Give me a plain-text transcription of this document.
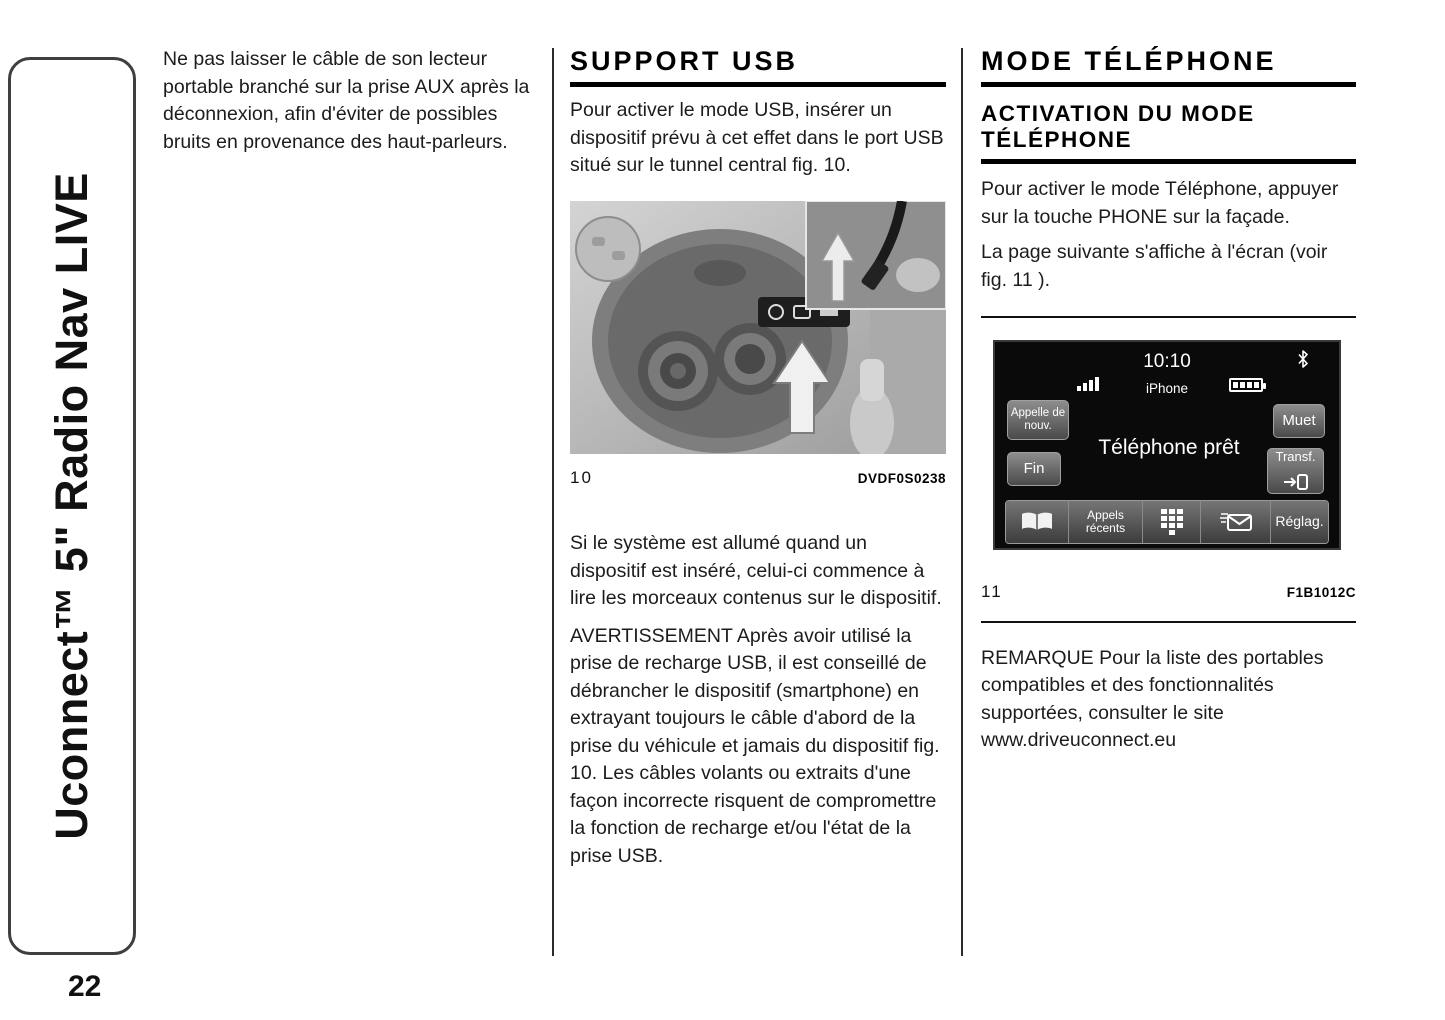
Uconnect™ 5" Radio Nav LIVE
22

Ne pas laisser le câble de son lecteur portable branché sur la prise AUX après la déconnexion, afin d'éviter de possibles bruits en provenance des haut-parleurs.

SUPPORT USB

Pour activer le mode USB, insérer un dispositif prévu à cet effet dans le port USB situé sur le tunnel central fig. 10.

10	DVDF0S0238

Si le système est allumé quand un dispositif est inséré, celui-ci commence à lire les morceaux contenus sur le dispositif.

AVERTISSEMENT Après avoir utilisé la prise de recharge USB, il est conseillé de débrancher le dispositif (smartphone) en extrayant toujours le câble d'abord de la prise du véhicule et jamais du dispositif fig. 10. Les câbles volants ou extraits d'une façon incorrecte risquent de compromettre la fonction de recharge et/ou l'état de la prise USB.

MODE TÉLÉPHONE
ACTIVATION DU MODE TÉLÉPHONE

Pour activer le mode Téléphone, appuyer sur la touche PHONE sur la façade.

La page suivante s'affiche à l'écran (voir fig. 11 ).

10:10
iPhone
Appelle de nouv.
Fin
Muet
Transf.
Téléphone prêt
Appels récents	Réglag.
11	F1B1012C

REMARQUE Pour la liste des portables compatibles et des fonctionnalités supportées, consulter le site www.driveuconnect.eu
